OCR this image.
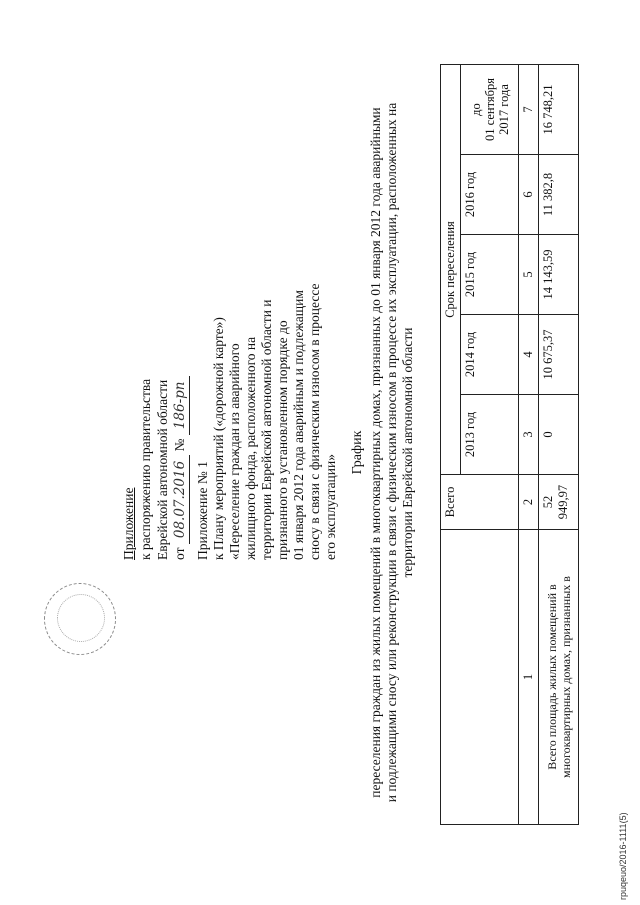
Приложение к распоряжению правительства Еврейской автономной области от 08.07.2016 № 186-рп
Приложение № 1 к Плану мероприятий («дорожной карте») «Переселение граждан из аварийного жилищного фонда, расположенного на территории Еврейской автономной области и признанного в установленном порядке до 01 января 2012 года аварийным и подлежащим сносу в связи с физическим износом в процессе его эксплуатации»
График переселения граждан из жилых помещений в многоквартирных домах, признанных до 01 января 2012 года аварийными и подлежащими сносу или реконструкции в связи с физическим износом в процессе их эксплуатации, расположенных на территории Еврейской автономной области
	Всего	Срок переселения				
		2013 год	2014 год	2015 год	2016 год	до 01 сентября 2017 года

1	2	3	4	5	6	7

Всего площадь жилых помещений в многоквартирных домах, признанных в	52 949,97	0	10 675,37	14 143,59	11 382,8	16 748,21
rpuqeuo/2016-1111(5)
